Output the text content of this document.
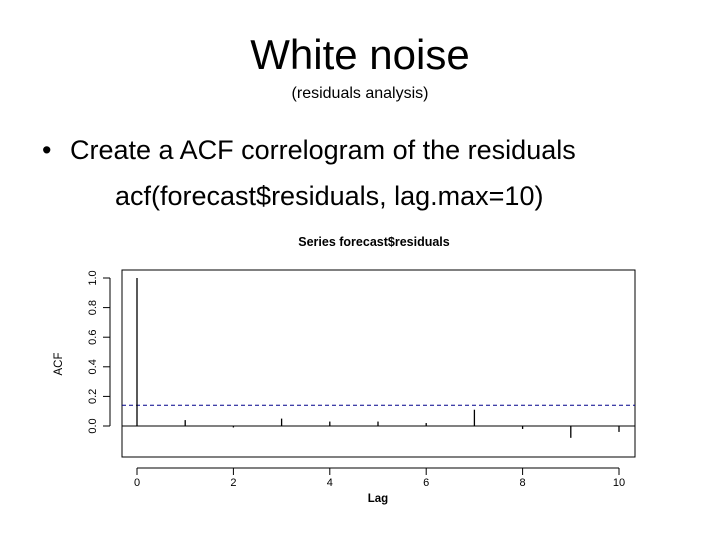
White noise
(residuals analysis)
• Create a ACF correlogram of the residuals
acf(forecast$residuals, lag.max=10)
Series forecast$residuals
0	2	4	6	8	10
0.0
0.2
0.4
0.6
0.8
1.0
Lag
ACF
